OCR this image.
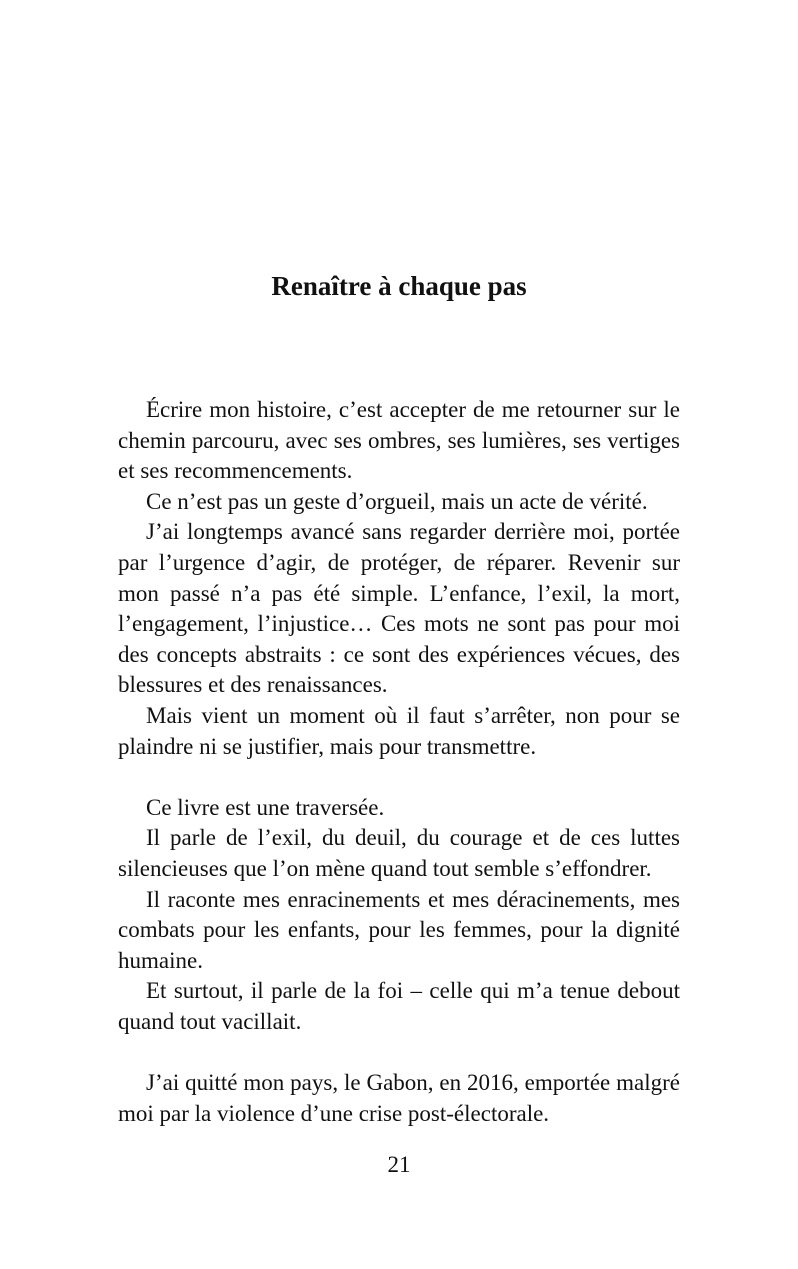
Renaître à chaque pas

Écrire mon histoire, c’est accepter de me retourner sur le chemin parcouru, avec ses ombres, ses lumières, ses vertiges et ses recommencements.

Ce n’est pas un geste d’orgueil, mais un acte de vérité.

J’ai longtemps avancé sans regarder derrière moi, portée par l’urgence d’agir, de protéger, de réparer. Revenir sur mon passé n’a pas été simple. L’enfance, l’exil, la mort, l’engagement, l’injustice… Ces mots ne sont pas pour moi des concepts abstraits : ce sont des expériences vécues, des blessures et des renaissances.

Mais vient un moment où il faut s’arrêter, non pour se plaindre ni se justifier, mais pour transmettre.

Ce livre est une traversée.

Il parle de l’exil, du deuil, du courage et de ces luttes silencieuses que l’on mène quand tout semble s’effondrer.

Il raconte mes enracinements et mes déracinements, mes combats pour les enfants, pour les femmes, pour la dignité humaine.

Et surtout, il parle de la foi – celle qui m’a tenue debout quand tout vacillait.

J’ai quitté mon pays, le Gabon, en 2016, emportée malgré moi par la violence d’une crise post-électorale.

21
